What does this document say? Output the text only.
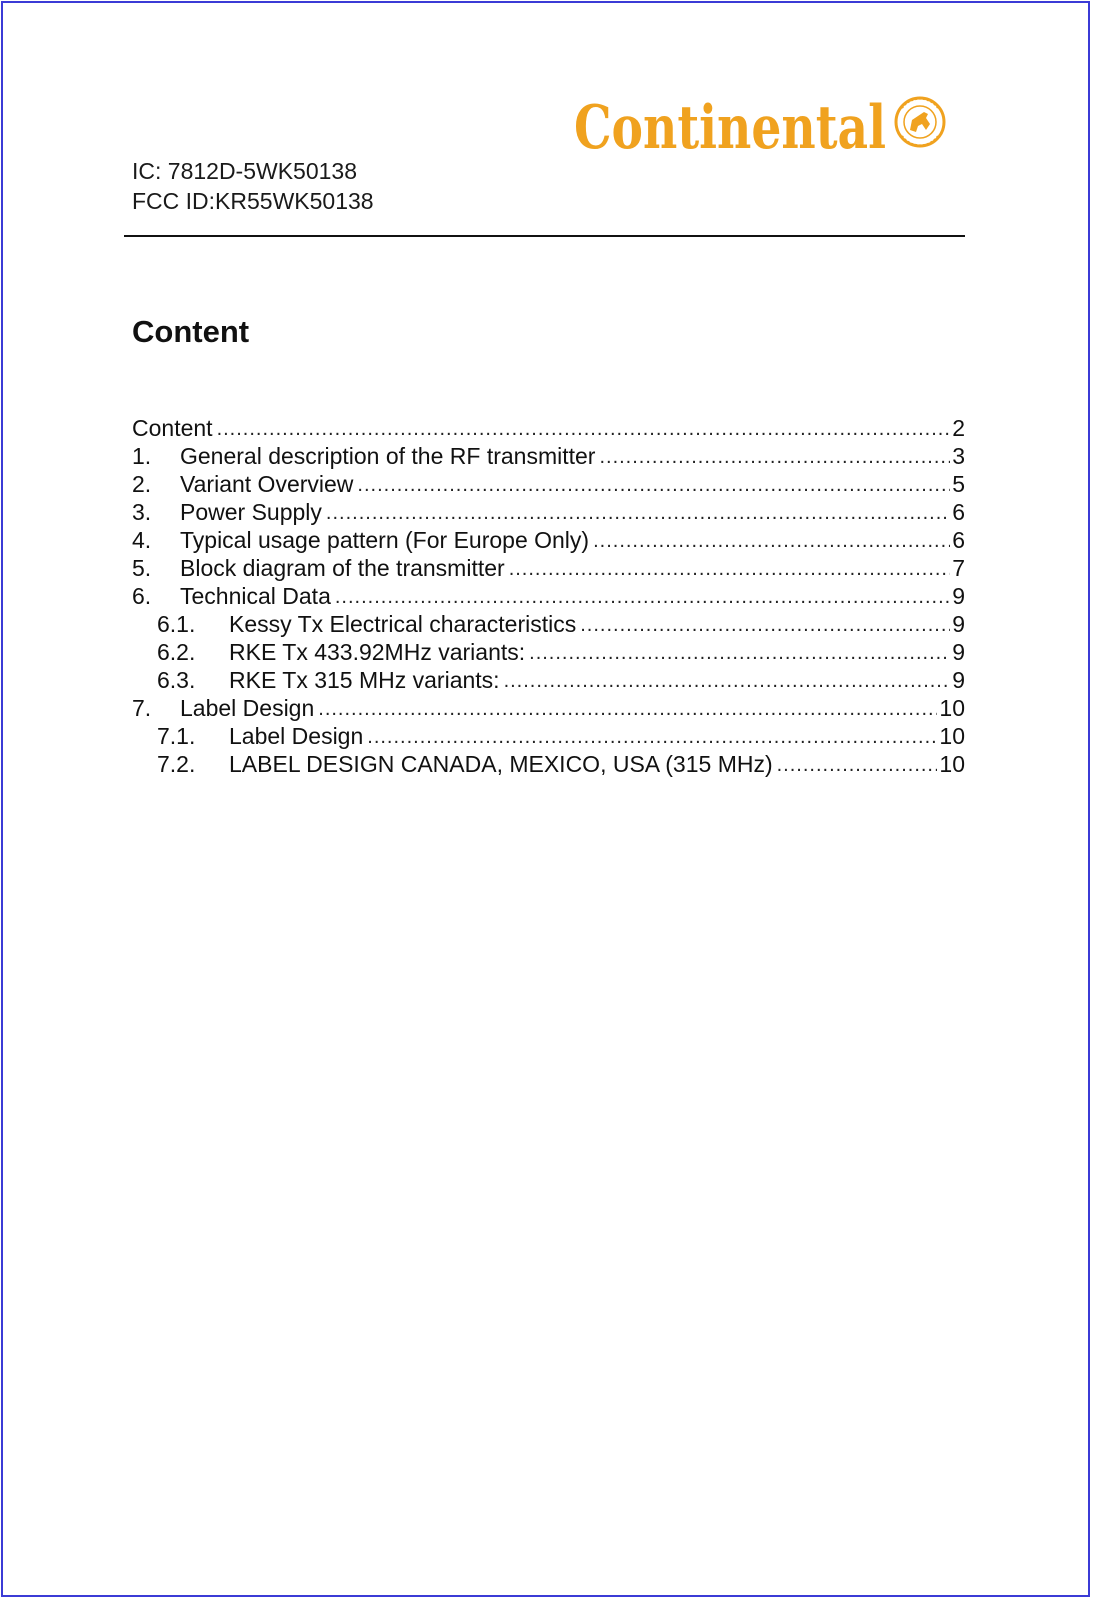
Continental
IC: 7812D-5WK50138
FCC ID:KR55WK50138
Content
Content .....	2
1.	General description of the RF transmitter .....	3
2.	Variant Overview .....	5
3.	Power Supply .....	6
4.	Typical usage pattern (For Europe Only) .....	6
5.	Block diagram of the transmitter .....	7
6.	Technical Data .....	9
6.1.	Kessy Tx Electrical characteristics .....	9
6.2.	RKE Tx 433.92MHz variants: .....	9
6.3.	RKE Tx 315 MHz variants: .....	9
7.	Label Design .....	10
7.1.	Label Design .....	10
7.2.	LABEL DESIGN CANADA, MEXICO, USA (315 MHz) .....	10
